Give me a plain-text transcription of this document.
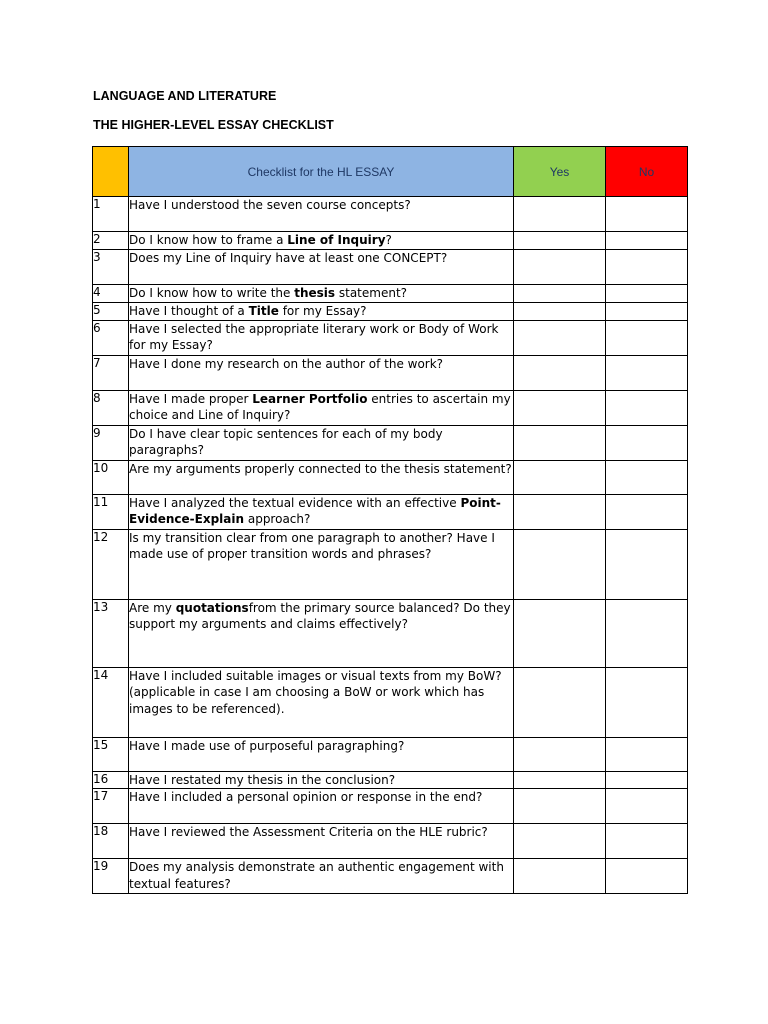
LANGUAGE AND LITERATURE
THE HIGHER-LEVEL ESSAY CHECKLIST
	Checklist for the HL ESSAY	Yes	No
1	Have I understood the seven course concepts?		
2	Do I know how to frame a Line of Inquiry?		
3	Does my Line of Inquiry have at least one CONCEPT?		
4	Do I know how to write the thesis statement?		
5	Have I thought of a Title for my Essay?		
6	Have I selected the appropriate literary work or Body of Work for my Essay?		
7	Have I done my research on the author of the work?		
8	Have I made proper Learner Portfolio entries to ascertain my choice and Line of Inquiry?		
9	Do I have clear topic sentences for each of my body paragraphs?		
10	Are my arguments properly connected to the thesis statement?		
11	Have I analyzed the textual evidence with an effective Point-Evidence-Explain approach?		
12	Is my transition clear from one paragraph to another? Have I made use of proper transition words and phrases?		
13	Are my quotationsfrom the primary source balanced? Do they support my arguments and claims effectively?		
14	Have I included suitable images or visual texts from my BoW? (applicable in case I am choosing a BoW or work which has images to be referenced).		
15	Have I made use of purposeful paragraphing?		
16	Have I restated my thesis in the conclusion?		
17	Have I included a personal opinion or response in the end?		
18	Have I reviewed the Assessment Criteria on the HLE rubric?		
19	Does my analysis demonstrate an authentic engagement with textual features?		
